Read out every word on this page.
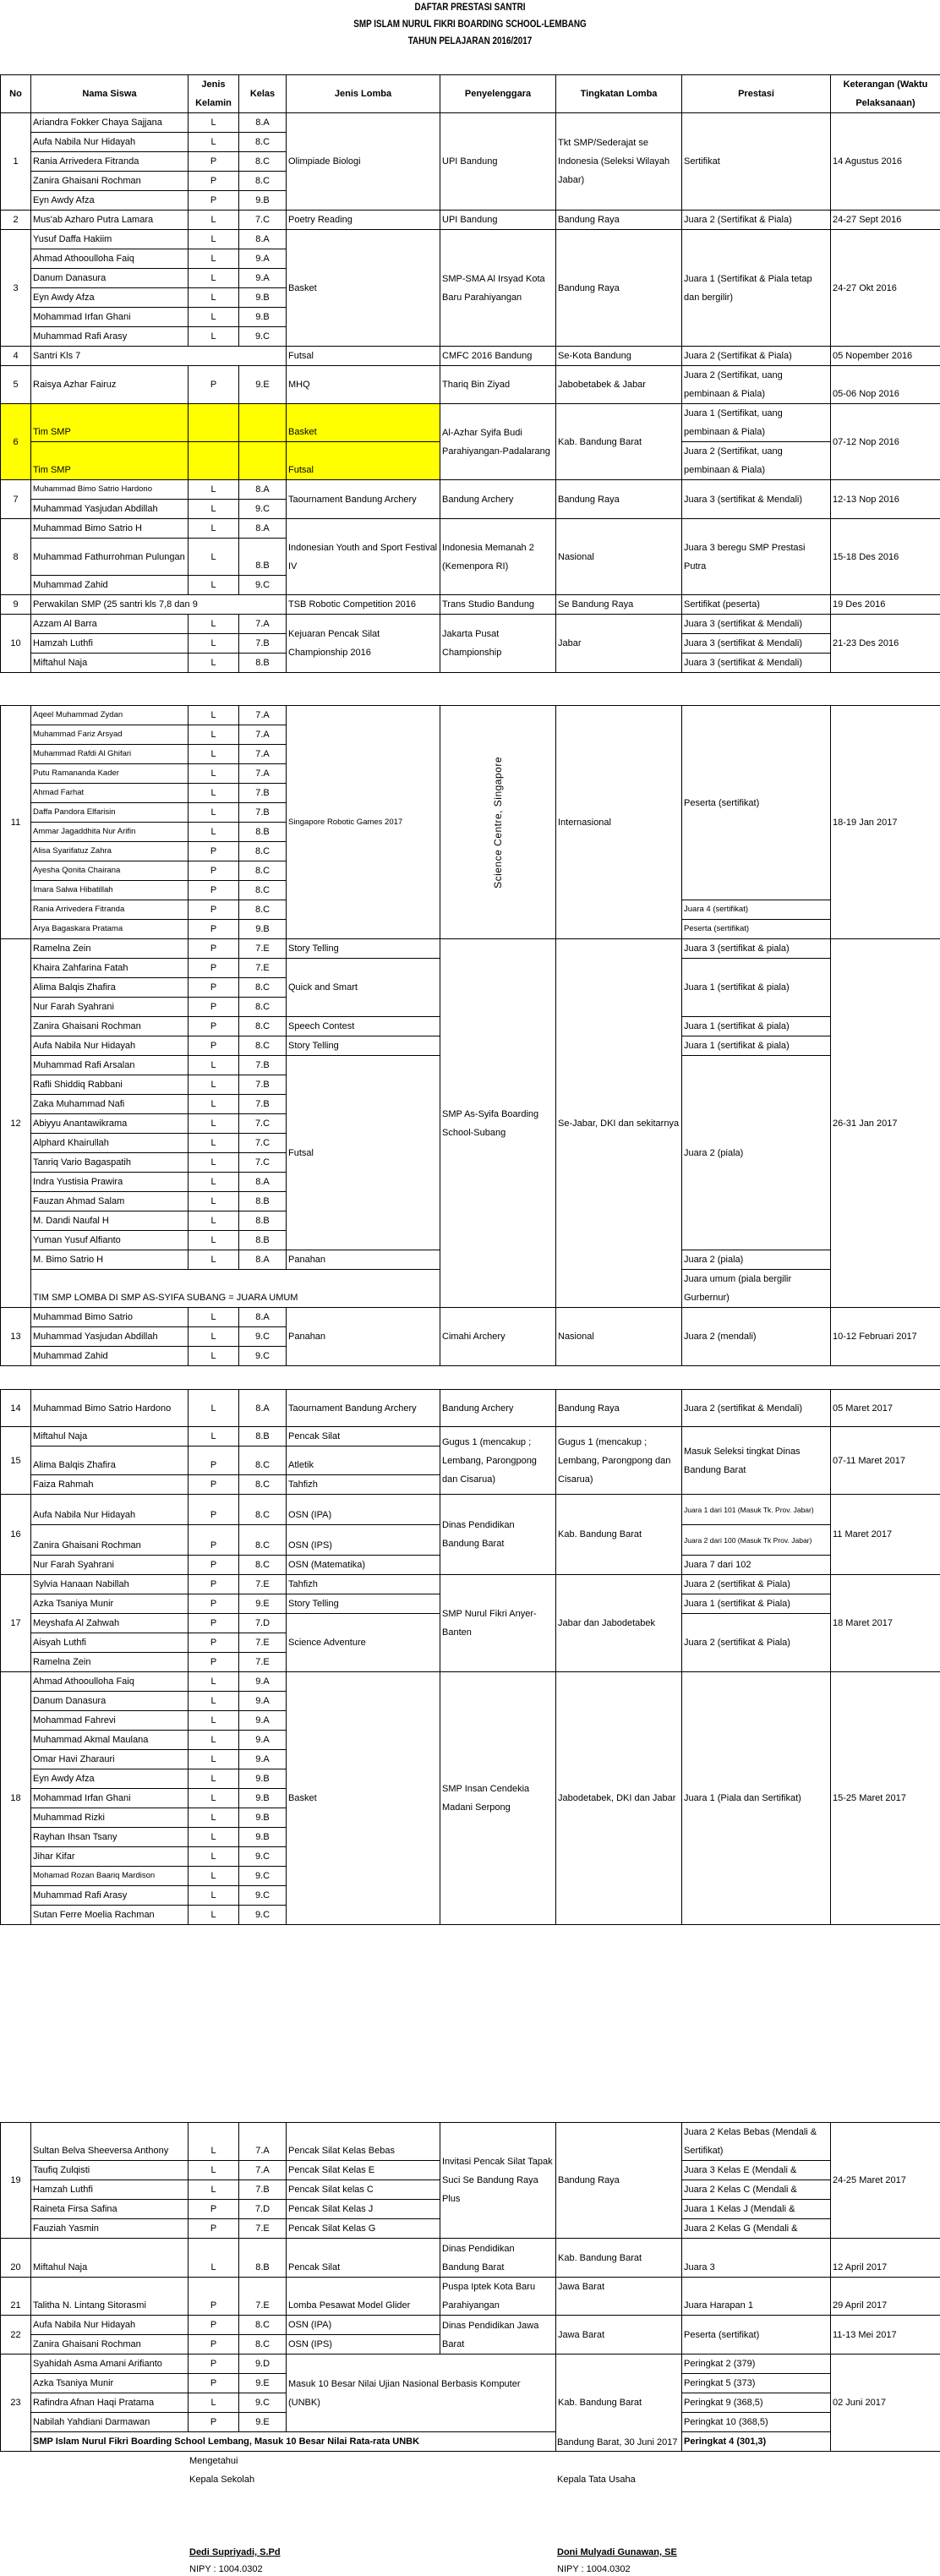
DAFTAR PRESTASI SANTRI
SMP ISLAM NURUL FIKRI BOARDING SCHOOL-LEMBANG
TAHUN PELAJARAN 2016/2017
No	Nama Siswa	Jenis Kelamin	Kelas	Jenis Lomba	Penyelenggara	Tingkatan Lomba	Prestasi	Keterangan (Waktu Pelaksanaan)
1	Ariandra Fokker Chaya Sajjana	L	8.A	Olimpiade Biologi	UPI Bandung	Tkt SMP/Sederajat se Indonesia (Seleksi Wilayah Jabar)	Sertifikat	14 Agustus 2016
	Aufa Nabila Nur Hidayah	L	8.C					
	Rania Arrivedera Fitranda	P	8.C					
	Zanira Ghaisani Rochman	P	8.C					
	Eyn Awdy Afza	P	9.B					
2	Mus'ab Azharo Putra Lamara	L	7.C	Poetry Reading	UPI Bandung	Bandung Raya	Juara 2 (Sertifikat & Piala)	24-27 Sept 2016
3	Yusuf Daffa Hakiim	L	8.A	Basket	SMP-SMA Al Irsyad Kota Baru Parahiyangan	Bandung Raya	Juara 1 (Sertifikat & Piala tetap dan bergilir)	24-27 Okt 2016
	Ahmad Athooulloha Faiq	L	9.A					
	Danum Danasura	L	9.A					
	Eyn Awdy Afza	L	9.B					
	Mohammad Irfan Ghani	L	9.B					
	Muhammad Rafi Arasy	L	9.C					
4	Santri Kls 7			Futsal	CMFC 2016 Bandung	Se-Kota Bandung	Juara 2 (Sertifikat & Piala)	05 Nopember 2016
5	Raisya Azhar Fairuz	P	9.E	MHQ	Thariq Bin Ziyad	Jabobetabek & Jabar	Juara 2 (Sertifikat, uang pembinaan & Piala)	05-06 Nop 2016
6	Tim SMP			Basket	Al-Azhar Syifa Budi Parahiyangan-Padalarang	Kab. Bandung Barat	Juara 1 (Sertifikat, uang pembinaan & Piala)	07-12 Nop 2016
	Tim SMP			Futsal			Juara 2 (Sertifikat, uang pembinaan & Piala)	
7	Muhammad Bimo Satrio Hardono	L	8.A	Taournament Bandung Archery	Bandung Archery	Bandung Raya	Juara 3 (sertifikat & Mendali)	12-13 Nop 2016
	Muhammad Yasjudan Abdillah	L	9.C					
8	Muhammad Bimo Satrio H	L	8.A	Indonesian Youth and Sport Festival IV	Indonesia Memanah 2 (Kemenpora RI)	Nasional	Juara 3 beregu SMP Prestasi Putra	15-18 Des 2016
	Muhammad Fathurrohman Pulungan	L	8.B					
	Muhammad Zahid	L	9.C					
9	Perwakilan SMP (25 santri kls 7,8 dan 9			TSB Robotic Competition 2016	Trans Studio Bandung	Se Bandung Raya	Sertifikat (peserta)	19 Des 2016
10	Azzam Al Barra	L	7.A	Kejuaran Pencak Silat Championship 2016	Jakarta Pusat Championship	Jabar	Juara 3 (sertifikat & Mendali)	21-23 Des 2016
	Hamzah Luthfi	L	7.B				Juara 3 (sertifikat & Mendali)	
	Miftahul Naja	L	8.B				Juara 3 (sertifikat & Mendali)	
11	Aqeel Muhammad Zydan	L	7.A	Singapore Robotic Games 2017	Science Centre, Singapore	Internasional	Peserta (sertifikat)	18-19 Jan 2017
	Muhammad Fariz Arsyad	L	7.A					
	Muhammad Rafdi Al Ghifari	L	7.A					
	Putu Ramananda Kader	L	7.A					
	Ahmad Farhat	L	7.B					
	Daffa Pandora Elfarisin	L	7.B					
	Ammar Jagaddhita Nur Arifin	L	8.B					
	Alisa Syarifatuz Zahra	P	8.C					
	Ayesha Qonita Chairana	P	8.C					
	Imara Salwa Hibatillah	P	8.C					
	Rania Arrivedera Fitranda	P	8.C				Juara 4 (sertifikat)	
	Arya Bagaskara Pratama	P	9.B				Peserta (sertifikat)	
12	Ramelna Zein	P	7.E	Story Telling	SMP As-Syifa Boarding School-Subang	Se-Jabar, DKI dan sekitarnya	Juara 3 (sertifikat & piala)	26-31 Jan 2017
	Khaira Zahfarina Fatah	P	7.E	Quick and Smart			Juara 1 (sertifikat & piala)	
	Alima Balqis Zhafira	P	8.C					
	Nur Farah Syahrani	P	8.C					
	Zanira Ghaisani Rochman	P	8.C	Speech Contest			Juara 1 (sertifikat & piala)	
	Aufa Nabila Nur Hidayah	P	8.C	Story Telling			Juara 1 (sertifikat & piala)	
	Muhammad Rafi Arsalan	L	7.B	Futsal			Juara 2 (piala)	
	Rafli Shiddiq Rabbani	L	7.B					
	Zaka Muhammad Nafi	L	7.B					
	Abiyyu Anantawikrama	L	7.C					
	Alphard Khairullah	L	7.C					
	Tanriq Vario Bagaspatih	L	7.C					
	Indra Yustisia Prawira	L	8.A					
	Fauzan Ahmad Salam	L	8.B					
	M. Dandi Naufal H	L	8.B					
	Yuman Yusuf Alfianto	L	8.B					
	M. Bimo Satrio H	L	8.A	Panahan			Juara 2 (piala)	
	TIM SMP LOMBA DI SMP AS-SYIFA SUBANG = JUARA UMUM						Juara umum (piala bergilir Gurbernur)	
13	Muhammad Bimo Satrio	L	8.A	Panahan	Cimahi Archery	Nasional	Juara 2 (mendali)	10-12 Februari 2017
	Muhammad Yasjudan Abdillah	L	9.C					
	Muhammad Zahid	L	9.C					
14	Muhammad Bimo Satrio Hardono	L	8.A	Taournament Bandung Archery	Bandung Archery	Bandung Raya	Juara 2 (sertifikat & Mendali)	05 Maret 2017
15	Miftahul Naja	L	8.B	Pencak Silat	Gugus 1 (mencakup ; Lembang, Parongpong dan Cisarua)	Gugus 1 (mencakup ; Lembang, Parongpong dan Cisarua)	Masuk Seleksi tingkat Dinas Bandung Barat	07-11 Maret 2017
	Alima Balqis Zhafira	P	8.C	Atletik				
	Faiza Rahmah	P	8.C	Tahfizh				
16	Aufa Nabila Nur Hidayah	P	8.C	OSN (IPA)	Dinas Pendidikan Bandung Barat	Kab. Bandung Barat	Juara 1 dari 101 (Masuk Tk. Prov. Jabar)	11 Maret 2017
	Zanira Ghaisani Rochman	P	8.C	OSN (IPS)			Juara 2 dari 100 (Masuk Tk Prov. Jabar)	
	Nur Farah Syahrani	P	8.C	OSN (Matematika)			Juara 7 dari 102	
17	Sylvia Hanaan Nabillah	P	7.E	Tahfizh	SMP Nurul Fikri Anyer-Banten	Jabar dan Jabodetabek	Juara 2 (sertifikat & Piala)	18 Maret 2017
	Azka Tsaniya Munir	P	9.E	Story Telling			Juara 1 (sertifikat & Piala)	
	Meyshafa Al Zahwah	P	7.D	Science Adventure			Juara 2 (sertifikat & Piala)	
	Aisyah Luthfi	P	7.E					
	Ramelna Zein	P	7.E					
18	Ahmad Athooulloha Faiq	L	9.A	Basket	SMP Insan Cendekia Madani Serpong	Jabodetabek, DKI dan Jabar	Juara 1 (Piala dan Sertifikat)	15-25 Maret 2017
	Danum Danasura	L	9.A					
	Mohammad Fahrevi	L	9.A					
	Muhammad Akmal Maulana	L	9.A					
	Omar Havi Zharauri	L	9.A					
	Eyn Awdy Afza	L	9.B					
	Mohammad Irfan Ghani	L	9.B					
	Muhammad Rizki	L	9.B					
	Rayhan Ihsan Tsany	L	9.B					
	Jihar Kifar	L	9.C					
	Mohamad Rozan Baariq Mardison	L	9.C					
	Muhammad Rafi Arasy	L	9.C					
	Sutan Ferre Moelia Rachman	L	9.C					
19	Sultan Belva Sheeversa Anthony	L	7.A	Pencak Silat Kelas Bebas	Invitasi Pencak Silat Tapak Suci Se Bandung Raya Plus	Bandung Raya	Juara 2 Kelas Bebas (Mendali & Sertifikat)	24-25 Maret 2017
	Taufiq Zulqisti	L	7.A	Pencak Silat Kelas E			Juara 3 Kelas E (Mendali &	
	Hamzah Luthfi	L	7.B	Pencak Silat kelas C			Juara 2 Kelas C (Mendali &	
	Raineta Firsa Safina	P	7.D	Pencak Silat Kelas J			Juara 1 Kelas J (Mendali &	
	Fauziah Yasmin	P	7.E	Pencak Silat Kelas G			Juara 2 Kelas G (Mendali &	
20	Miftahul Naja	L	8.B	Pencak Silat	Dinas Pendidikan Bandung Barat	Kab. Bandung Barat	Juara 3	12 April 2017
21	Talitha N. Lintang Sitorasmi	P	7.E	Lomba Pesawat Model Glider	Puspa Iptek Kota Baru Parahiyangan	Jawa Barat	Juara Harapan 1	29 April 2017
22	Aufa Nabila Nur Hidayah	P	8.C	OSN (IPA)	Dinas Pendidikan Jawa Barat	Jawa Barat	Peserta (sertifikat)	11-13 Mei 2017
	Zanira Ghaisani Rochman	P	8.C	OSN (IPS)				
23	Syahidah Asma Amani Arifianto	P	9.D	Masuk 10 Besar Nilai Ujian Nasional Berbasis Komputer (UNBK)		Kab. Bandung Barat	Peringkat 2 (379)	02 Juni 2017
	Azka Tsaniya Munir	P	9.E				Peringkat 5 (373)	
	Rafindra Afnan Haqi Pratama	L	9.C				Peringkat 9 (368,5)	
	Nabilah Yahdiani Darmawan	P	9.E				Peringkat 10 (368,5)	
	SMP Islam Nurul Fikri Boarding School Lembang, Masuk 10 Besar Nilai Rata-rata UNBK						Peringkat 4 (301,3)	
Bandung Barat, 30 Juni 2017
Mengetahui
Kepala Sekolah	Kepala Tata Usaha
Dedi Supriyadi, S.Pd	Doni Mulyadi Gunawan, SE
NIPY : 1004.0302	NIPY : 1004.0302
